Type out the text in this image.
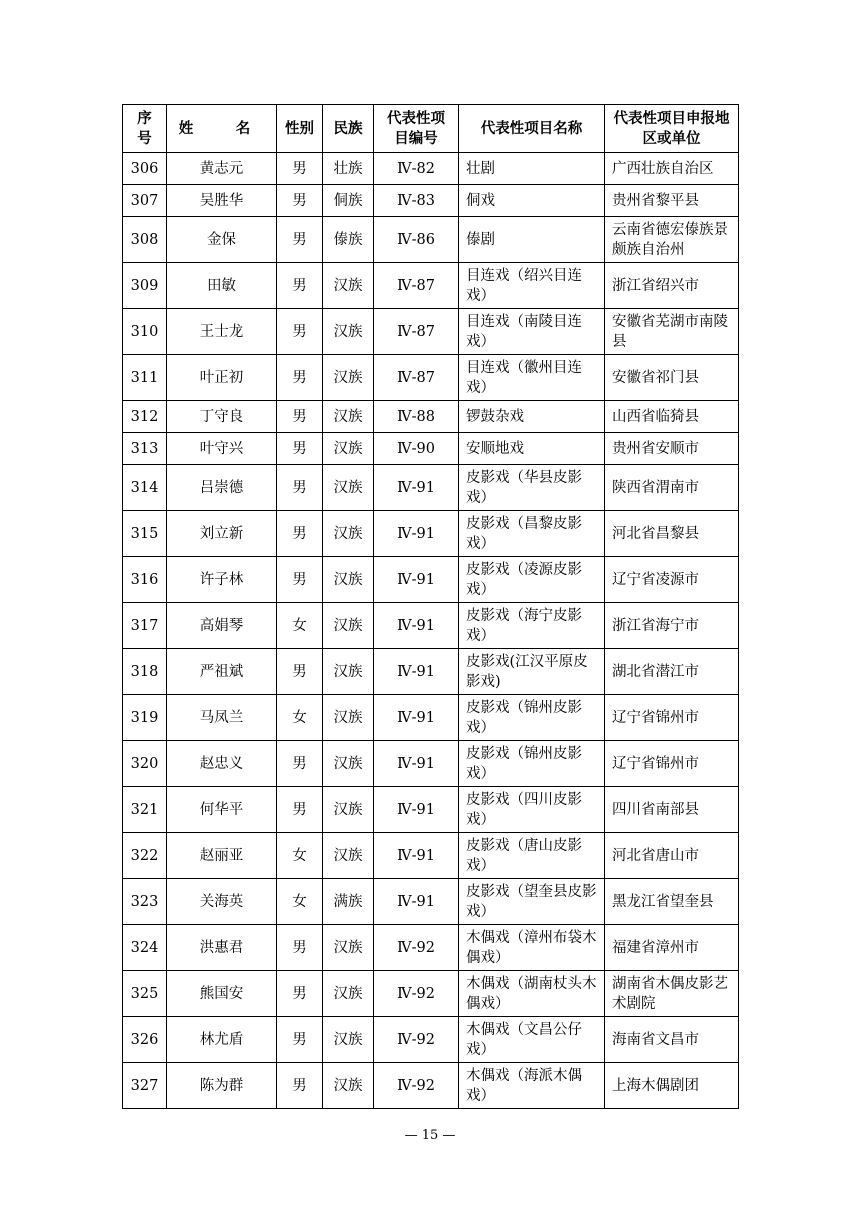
序号	姓　名	性别	民族	代表性项目编号	代表性项目名称	代表性项目申报地区或单位

306	黄志元	男	壮族	Ⅳ-82	壮剧	广西壮族自治区
307	吴胜华	男	侗族	Ⅳ-83	侗戏	贵州省黎平县
308	金保	男	傣族	Ⅳ-86	傣剧	云南省德宏傣族景颇族自治州
309	田敏	男	汉族	Ⅳ-87	目连戏（绍兴目连戏）	浙江省绍兴市
310	王士龙	男	汉族	Ⅳ-87	目连戏（南陵目连戏）	安徽省芜湖市南陵县
311	叶正初	男	汉族	Ⅳ-87	目连戏（徽州目连戏）	安徽省祁门县
312	丁守良	男	汉族	Ⅳ-88	锣鼓杂戏	山西省临猗县
313	叶守兴	男	汉族	Ⅳ-90	安顺地戏	贵州省安顺市
314	吕崇德	男	汉族	Ⅳ-91	皮影戏（华县皮影戏）	陕西省渭南市
315	刘立新	男	汉族	Ⅳ-91	皮影戏（昌黎皮影戏）	河北省昌黎县
316	许子林	男	汉族	Ⅳ-91	皮影戏（凌源皮影戏）	辽宁省凌源市
317	高娟琴	女	汉族	Ⅳ-91	皮影戏（海宁皮影戏）	浙江省海宁市
318	严祖斌	男	汉族	Ⅳ-91	皮影戏(江汉平原皮影戏)	湖北省潜江市
319	马凤兰	女	汉族	Ⅳ-91	皮影戏（锦州皮影戏）	辽宁省锦州市
320	赵忠义	男	汉族	Ⅳ-91	皮影戏（锦州皮影戏）	辽宁省锦州市
321	何华平	男	汉族	Ⅳ-91	皮影戏（四川皮影戏）	四川省南部县
322	赵丽亚	女	汉族	Ⅳ-91	皮影戏（唐山皮影戏）	河北省唐山市
323	关海英	女	满族	Ⅳ-91	皮影戏（望奎县皮影戏）	黑龙江省望奎县
324	洪惠君	男	汉族	Ⅳ-92	木偶戏（漳州布袋木偶戏）	福建省漳州市
325	熊国安	男	汉族	Ⅳ-92	木偶戏（湖南杖头木偶戏）	湖南省木偶皮影艺术剧院
326	林尤盾	男	汉族	Ⅳ-92	木偶戏（文昌公仔戏）	海南省文昌市
327	陈为群	男	汉族	Ⅳ-92	木偶戏（海派木偶戏）	上海木偶剧团
— 15 —
